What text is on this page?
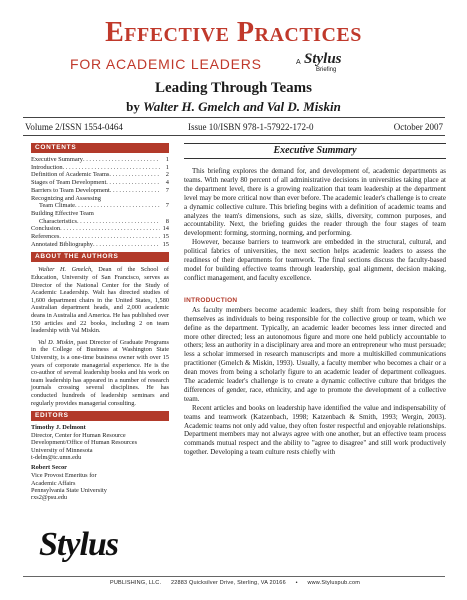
Effective Practices
FOR ACADEMIC LEADERS	A Stylus
Briefing
Leading Through Teams
by Walter H. Gmelch and Val D. Miskin
Volume 2/ISSN 1554-0464	Issue 10/ISBN 978-1-57922-172-0	October 2007
CONTENTS
Executive Summary . . .	1
Introduction . . .	1
Definition of Academic Teams . . .	2
Stages of Team Development . . .	4
Barriers to Team Development . . .	7
Recognizing and Assessing
Team Climate . . .	7
Building Effective Team
Characteristics . . .	8
Conclusion . . .	14
References . . .	15
Annotated Bibliography . . .	15
ABOUT THE AUTHORS

Walter H. Gmelch, Dean of the School of Education, University of San Francisco, serves as Director of the National Center for the Study of Academic Leadership. Walt has directed studies of 1,600 department chairs in the United States, 1,580 Australian department heads, and 2,000 academic deans in Australia and America. He has published over 150 articles and 22 books, including 2 on team leadership with Val Miskin.

Val D. Miskin, past Director of Graduate Programs in the College of Business at Washington State University, is a one-time business owner with over 15 years of corporate managerial experience. He is the co-author of several leadership books and his work on team leadership has appeared in a number of research journals crossing several disciplines. He has conducted hundreds of leadership seminars and regularly provides managerial consulting.

EDITORS
Timothy J. Delmont
Director, Center for Human Resource
Development/Office of Human Resources
University of Minnesota
t-delm@tc.umn.edu
Robert Secor
Vice Provost Emeritus for
Academic Affairs
Pennsylvania State University
rxs2@psu.edu
Executive Summary

This briefing explores the demand for, and development of, academic departments as teams. With nearly 80 percent of all administrative decisions in universities taking place at the department level, there is a growing realization that team leadership at the department level may be more critical now than ever before. The academic leader's challenge is to create a dynamic collective culture. This briefing begins with a definition of academic teams and analyzes the team's dimensions, such as size, skills, diversity, common purposes, and accountability. Next, the briefing guides the reader through the four stages of team development: forming, storming, norming, and performing.

However, because barriers to teamwork are embedded in the structural, cultural, and political fabrics of universities, the next section helps academic leaders to assess the readiness of their departments for teamwork. The final sections discuss the faculty-based model for building effective teams through leadership, goal alignment, decision making, conflict management, and faculty excellence.

INTRODUCTION

As faculty members become academic leaders, they shift from being responsible for themselves as individuals to being responsible for the collective group or team, which we define as the department. Typically, an academic leader becomes less inner directed and more other directed; less an autonomous figure and more one held publicly accountable to others; less an authority in a disciplinary area and more an entrepreneur who must persuade; less a scholar immersed in research manuscripts and more a multiskilled communications practitioner (Gmelch & Miskin, 1993). Usually, a faculty member who becomes a chair or a dean moves from being a scholarly figure to an academic leader of department colleagues. The academic leader's challenge is to create a dynamic collective culture that bridges the differences of gender, race, ethnicity, and age to promote the development of a collective team.

Recent articles and books on leadership have identified the value and indispensability of teams and teamwork (Katzenbach, 1998; Katzenbach & Smith, 1993; Wergin, 2003). Academic teams not only add value, they often foster respectful and enjoyable relationships. Department members may not always agree with one another, but an effective team process commands mutual respect and the ability to "agree to disagree" and still work productively together. Developing a team culture rests chiefly with

Stylus
PUBLISHING, LLC. 22883 Quicksilver Drive, Sterling, VA 20166 • www.Styluspub.com
